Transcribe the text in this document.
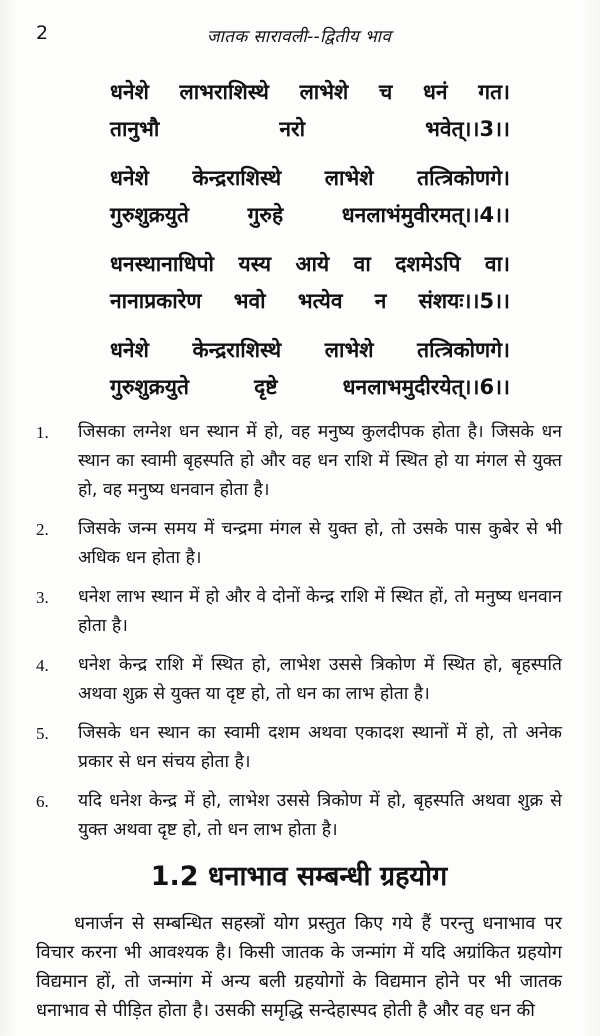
2	जातक सारावली--द्वितीय भाव
धनेशे लाभराशिस्थे लाभेशे च धनं गत।
तानुभौ नरो भवेत्।।3।।
धनेशे केन्द्रराशिस्थे लाभेशे तत्त्रिकोणगे।
गुरुशुक्रयुते गुरुहे धनलाभंमुवीरमत्।।4।।
धनस्थानाधिपो यस्य आये वा दशमेऽपि वा।
नानाप्रकारेण भवो भत्येव न संशयः।।5।।
धनेशे केन्द्रराशिस्थे लाभेशे तत्त्रिकोणगे।
गुरुशुक्रयुते दृष्टे धनलाभमुदीरयेत्।।6।।
1.	जिसका लग्नेश धन स्थान में हो, वह मनुष्य कुलदीपक होता है। जिसके धन स्थान का स्वामी बृहस्पति हो और वह धन राशि में स्थित हो या मंगल से युक्त हो, वह मनुष्य धनवान होता है।
2.	जिसके जन्म समय में चन्द्रमा मंगल से युक्त हो, तो उसके पास कुबेर से भी अधिक धन होता है।
3.	धनेश लाभ स्थान में हो और वे दोनों केन्द्र राशि में स्थित हों, तो मनुष्य धनवान होता है।
4.	धनेश केन्द्र राशि में स्थित हो, लाभेश उससे त्रिकोण में स्थित हो, बृहस्पति अथवा शुक्र से युक्त या दृष्ट हो, तो धन का लाभ होता है।
5.	जिसके धन स्थान का स्वामी दशम अथवा एकादश स्थानों में हो, तो अनेक प्रकार से धन संचय होता है।
6.	यदि धनेश केन्द्र में हो, लाभेश उससे त्रिकोण में हो, बृहस्पति अथवा शुक्र से युक्त अथवा दृष्ट हो, तो धन लाभ होता है।
1.2 धनाभाव सम्बन्धी ग्रहयोग

धनार्जन से सम्बन्धित सहस्त्रों योग प्रस्तुत किए गये हैं परन्तु धनाभाव पर विचार करना भी आवश्यक है। किसी जातक के जन्मांग में यदि अग्रांकित ग्रहयोग विद्यमान हों, तो जन्मांग में अन्य बली ग्रहयोगों के विद्यमान होने पर भी जातक धनाभाव से पीड़ित होता है। उसकी समृद्धि सन्देहास्पद होती है और वह धन की
